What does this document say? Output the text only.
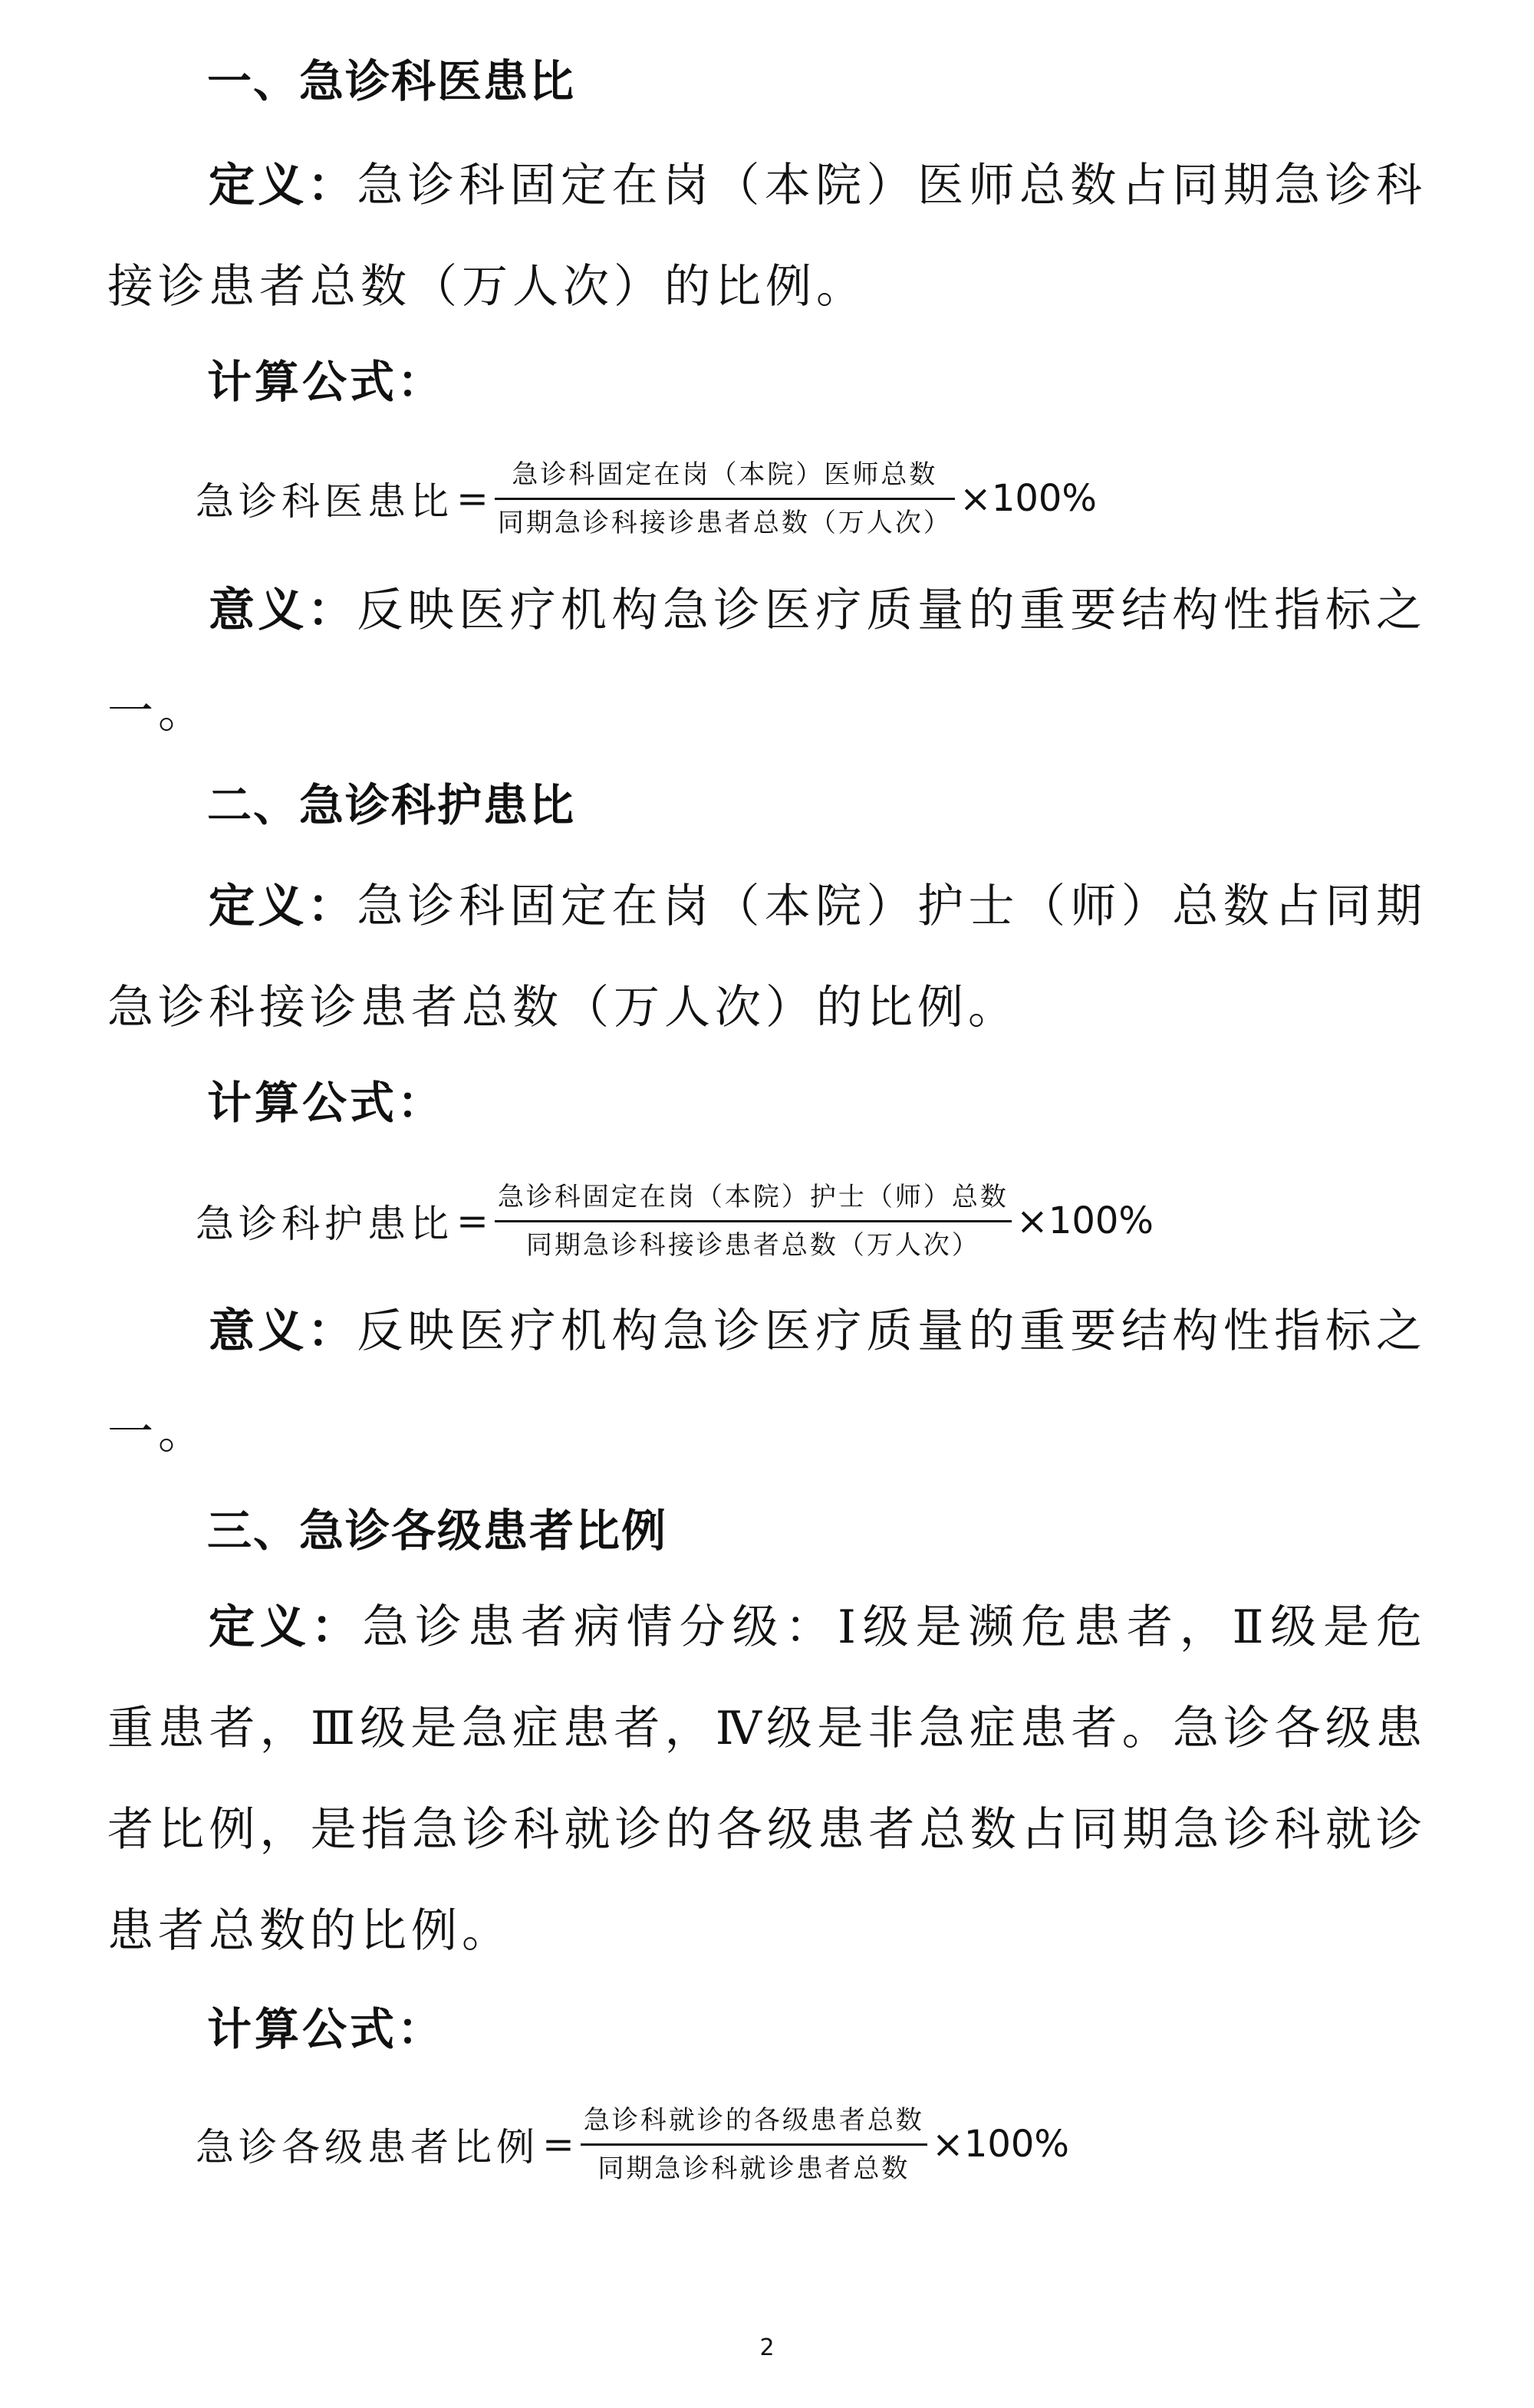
一、急诊科医患比

定义：急诊科固定在岗（本院）医师总数占同期急诊科接诊患者总数（万人次）的比例。

计算公式：
急诊科医患比 = $\frac{\text{急诊科固定在岗（本院）医师总数}}{\text{同期急诊科接诊患者总数（万人次）}} \times 100\%$

意义：反映医疗机构急诊医疗质量的重要结构性指标之一。

二、急诊科护患比

定义：急诊科固定在岗（本院）护士（师）总数占同期急诊科接诊患者总数（万人次）的比例。

计算公式：
急诊科护患比 = $\frac{\text{急诊科固定在岗（本院）护士（师）总数}}{\text{同期急诊科接诊患者总数（万人次）}} \times 100\%$

意义：反映医疗机构急诊医疗质量的重要结构性指标之一。

三、急诊各级患者比例

定义：急诊患者病情分级：Ⅰ级是濒危患者，Ⅱ级是危重患者，Ⅲ级是急症患者，Ⅳ级是非急症患者。急诊各级患者比例，是指急诊科就诊的各级患者总数占同期急诊科就诊患者总数的比例。

计算公式：
急诊各级患者比例 = $\frac{\text{急诊科就诊的各级患者总数}}{\text{同期急诊科就诊患者总数}} \times 100\%$
2
